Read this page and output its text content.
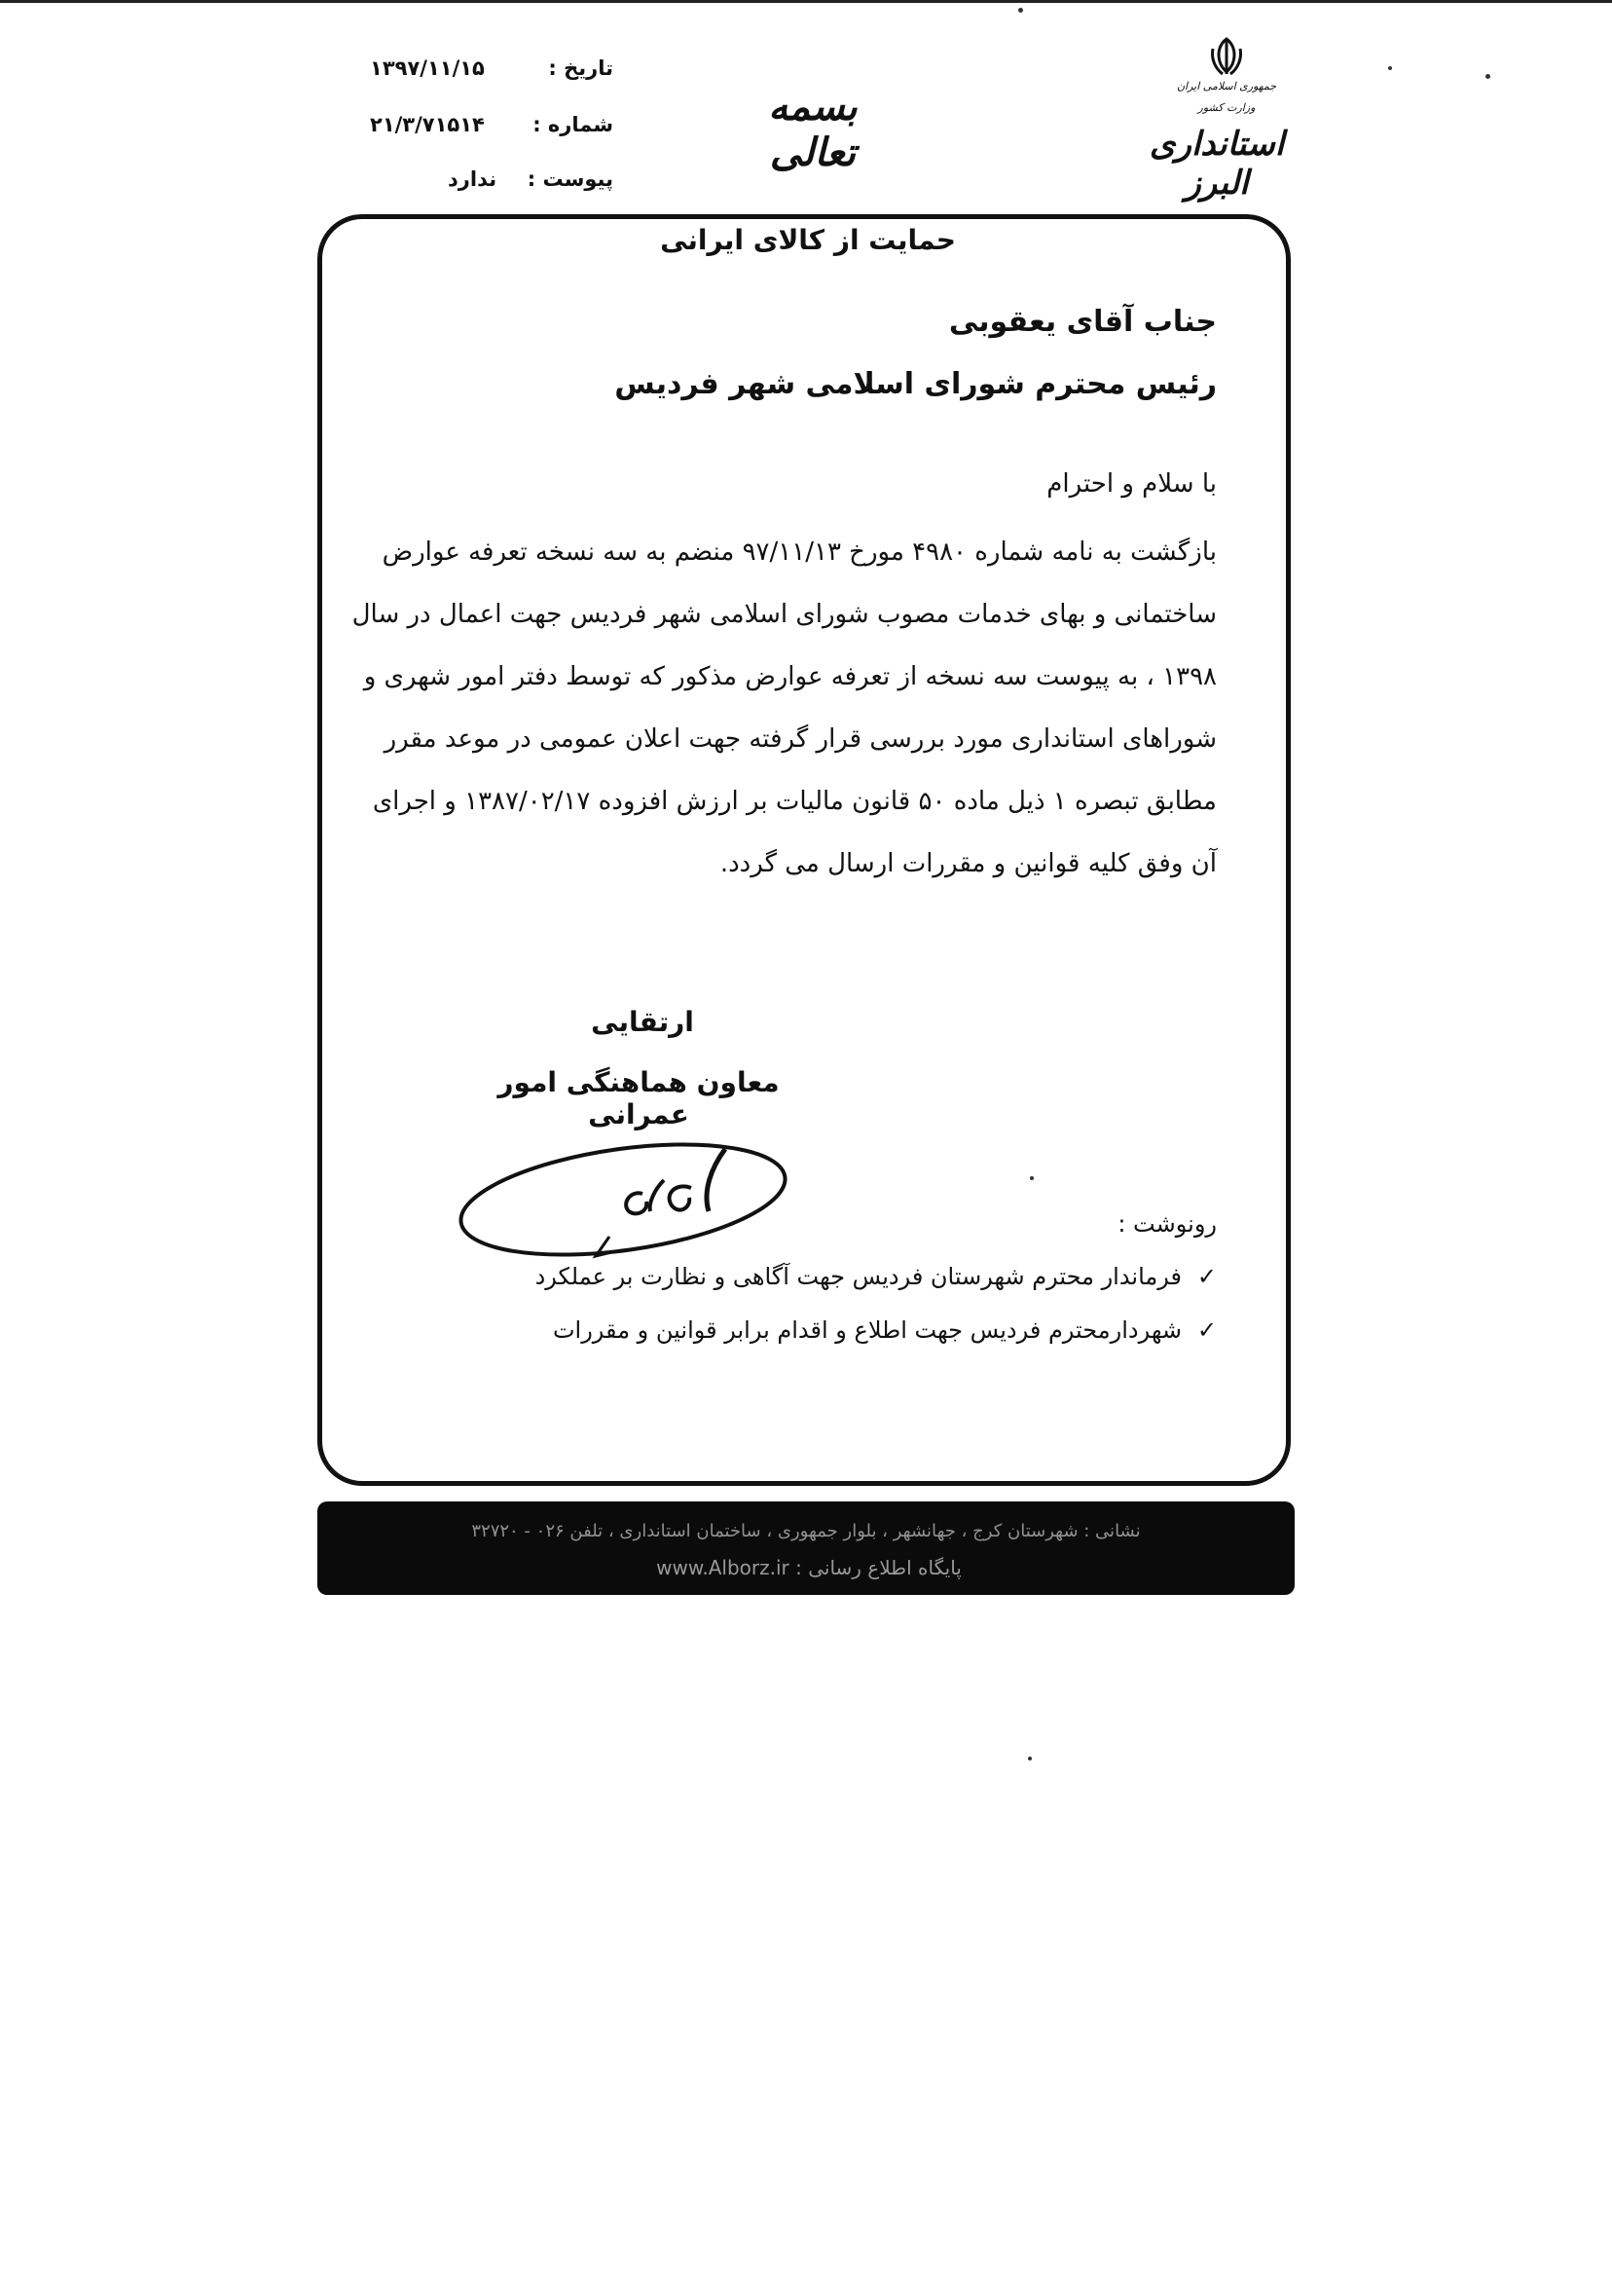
تاریخ :
۱۳۹۷/۱۱/۱۵
شماره :
۲۱/۳/۷۱۵۱۴
پیوست :
ندارد
بسمه تعالی
جمهوری اسلامی ایران
وزارت کشور
استانداری البرز
حمایت از کالای ایرانی
جناب آقای یعقوبی
رئیس محترم شورای اسلامی شهر فردیس
با سلام و احترام
بازگشت به نامه شماره ۴۹۸۰ مورخ ۹۷/۱۱/۱۳ منضم به سه نسخه تعرفه عوارض
ساختمانی و بهای خدمات مصوب شورای اسلامی شهر فردیس جهت اعمال در سال
۱۳۹۸ ، به پیوست سه نسخه از تعرفه عوارض مذکور که توسط دفتر امور شهری و
شوراهای استانداری مورد بررسی قرار گرفته جهت اعلان عمومی در موعد مقرر
مطابق تبصره ۱ ذیل ماده ۵۰ قانون مالیات بر ارزش افزوده ۱۳۸۷/۰۲/۱۷ و اجرای
آن وفق کلیه قوانین و مقررات ارسال می گردد.
ارتقایی
معاون هماهنگی امور عمرانی
رونوشت :
✓فرماندار محترم شهرستان فردیس جهت آگاهی و نظارت بر عملکرد
✓شهردارمحترم فردیس جهت اطلاع و اقدام برابر قوانین و مقررات
نشانی : شهرستان کرج ، جهانشهر ، بلوار جمهوری ، ساختمان استانداری ، تلفن ۰۲۶ - ۳۲۷۲۰
پایگاه اطلاع رسانی : www.Alborz.ir
